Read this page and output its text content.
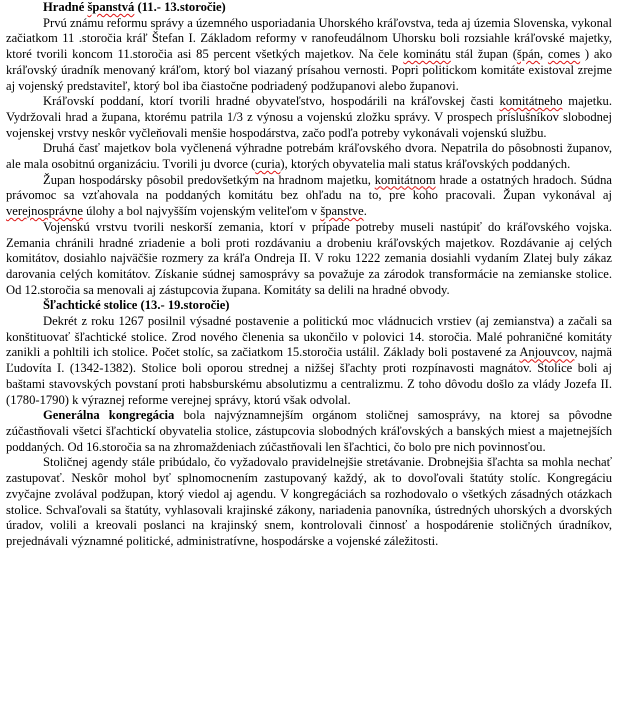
Hradné španstvá (11.- 13.storočie)

Prvú známu reformu správy a územného usporiadania Uhorského kráľovstva, teda aj územia Slovenska, vykonal začiatkom 11 .storočia kráľ Štefan I. Základom reformy v ranofeudálnom Uhorsku boli rozsiahle kráľovské majetky, ktoré tvorili koncom 11.storočia asi 85 percent všetkých majetkov. Na čele kominátu stál župan (špán, comes ) ako kráľovský úradník menovaný kráľom, ktorý bol viazaný prísahou vernosti. Popri politickom komitáte existoval zrejme aj vojenský predstaviteľ, ktorý bol iba čiastočne podriadený podžupanovi alebo županovi.

Kráľovskí poddaní, ktorí tvorili hradné obyvateľstvo, hospodárili na kráľovskej časti komitátneho majetku. Vydržovali hrad a župana, ktorému patrila 1/3 z výnosu a vojenskú zložku správy. V prospech príslušníkov slobodnej vojenskej vrstvy neskôr vyčleňovali menšie hospodárstva, začo podľa potreby vykonávali vojenskú službu.

Druhá časť majetkov bola vyčlenená výhradne potrebám kráľovského dvora. Nepatrila do pôsobnosti županov, ale mala osobitnú organizáciu. Tvorili ju dvorce (curia), ktorých obyvatelia mali status kráľovských poddaných.

Župan hospodársky pôsobil predovšetkým na hradnom majetku, komitátnom hrade a ostatných hradoch. Súdna právomoc sa vzťahovala na poddaných komitátu bez ohľadu na to, pre koho pracovali. Župan vykonával aj verejnosprávne úlohy a bol najvyšším vojenským veliteľom v španstve.

Vojenskú vrstvu tvorili neskorší zemania, ktorí v prípade potreby museli nastúpiť do kráľovského vojska. Zemania chránili hradné zriadenie a boli proti rozdávaniu a drobeniu kráľovských majetkov. Rozdávanie aj celých komitátov, dosiahlo najväčšie rozmery za kráľa Ondreja II. V roku 1222 zemania dosiahli vydaním Zlatej buly zákaz darovania celých komitátov. Získanie súdnej samosprávy sa považuje za zárodok transformácie na zemianske stolice. Od 12.storočia sa menovali aj zástupcovia župana. Komitáty sa delili na hradné obvody.

Šľachtické stolice (13.- 19.storočie)

Dekrét z roku 1267 posilnil výsadné postavenie a politickú moc vládnucich vrstiev (aj zemianstva) a začali sa konštituovať šľachtické stolice. Zrod nového členenia sa ukončilo v polovici 14. storočia. Malé pohraničné komitáty zanikli a pohltili ich stolice. Počet stolíc, sa začiatkom 15.storočia ustálil. Základy boli postavené za Anjouvcov, najmä Ľudovíta I. (1342-1382). Stolice boli oporou strednej a nižšej šľachty proti rozpínavosti magnátov. Stolice boli aj baštami stavovských povstaní proti habsburskému absolutizmu a centralizmu. Z toho dôvodu došlo za vlády Jozefa II. (1780-1790) k výraznej reforme verejnej správy, ktorú však odvolal.

Generálna kongregácia bola najvýznamnejším orgánom stoličnej samosprávy, na ktorej sa pôvodne zúčastňovali všetci šľachtickí obyvatelia stolice, zástupcovia slobodných kráľovských a banských miest a majetnejších poddaných. Od 16.storočia sa na zhromaždeniach zúčastňovali len šľachtici, čo bolo pre nich povinnosťou.

Stoličnej agendy stále pribúdalo, čo vyžadovalo pravidelnejšie stretávanie. Drobnejšia šľachta sa mohla nechať zastupovať. Neskôr mohol byť splnomocnením zastupovaný každý, ak to dovoľovali štatúty stolíc. Kongregáciu zvyčajne zvolával podžupan, ktorý viedol aj agendu. V kongregáciách sa rozhodovalo o všetkých zásadných otázkach stolice. Schvaľovali sa štatúty, vyhlasovali krajinské zákony, nariadenia panovníka, ústredných uhorských a dvorských úradov, volili a kreovali poslanci na krajinský snem, kontrolovali činnosť a hospodárenie stoličných úradníkov, prejednávali významné politické, administratívne, hospodárske a vojenské záležitosti.
